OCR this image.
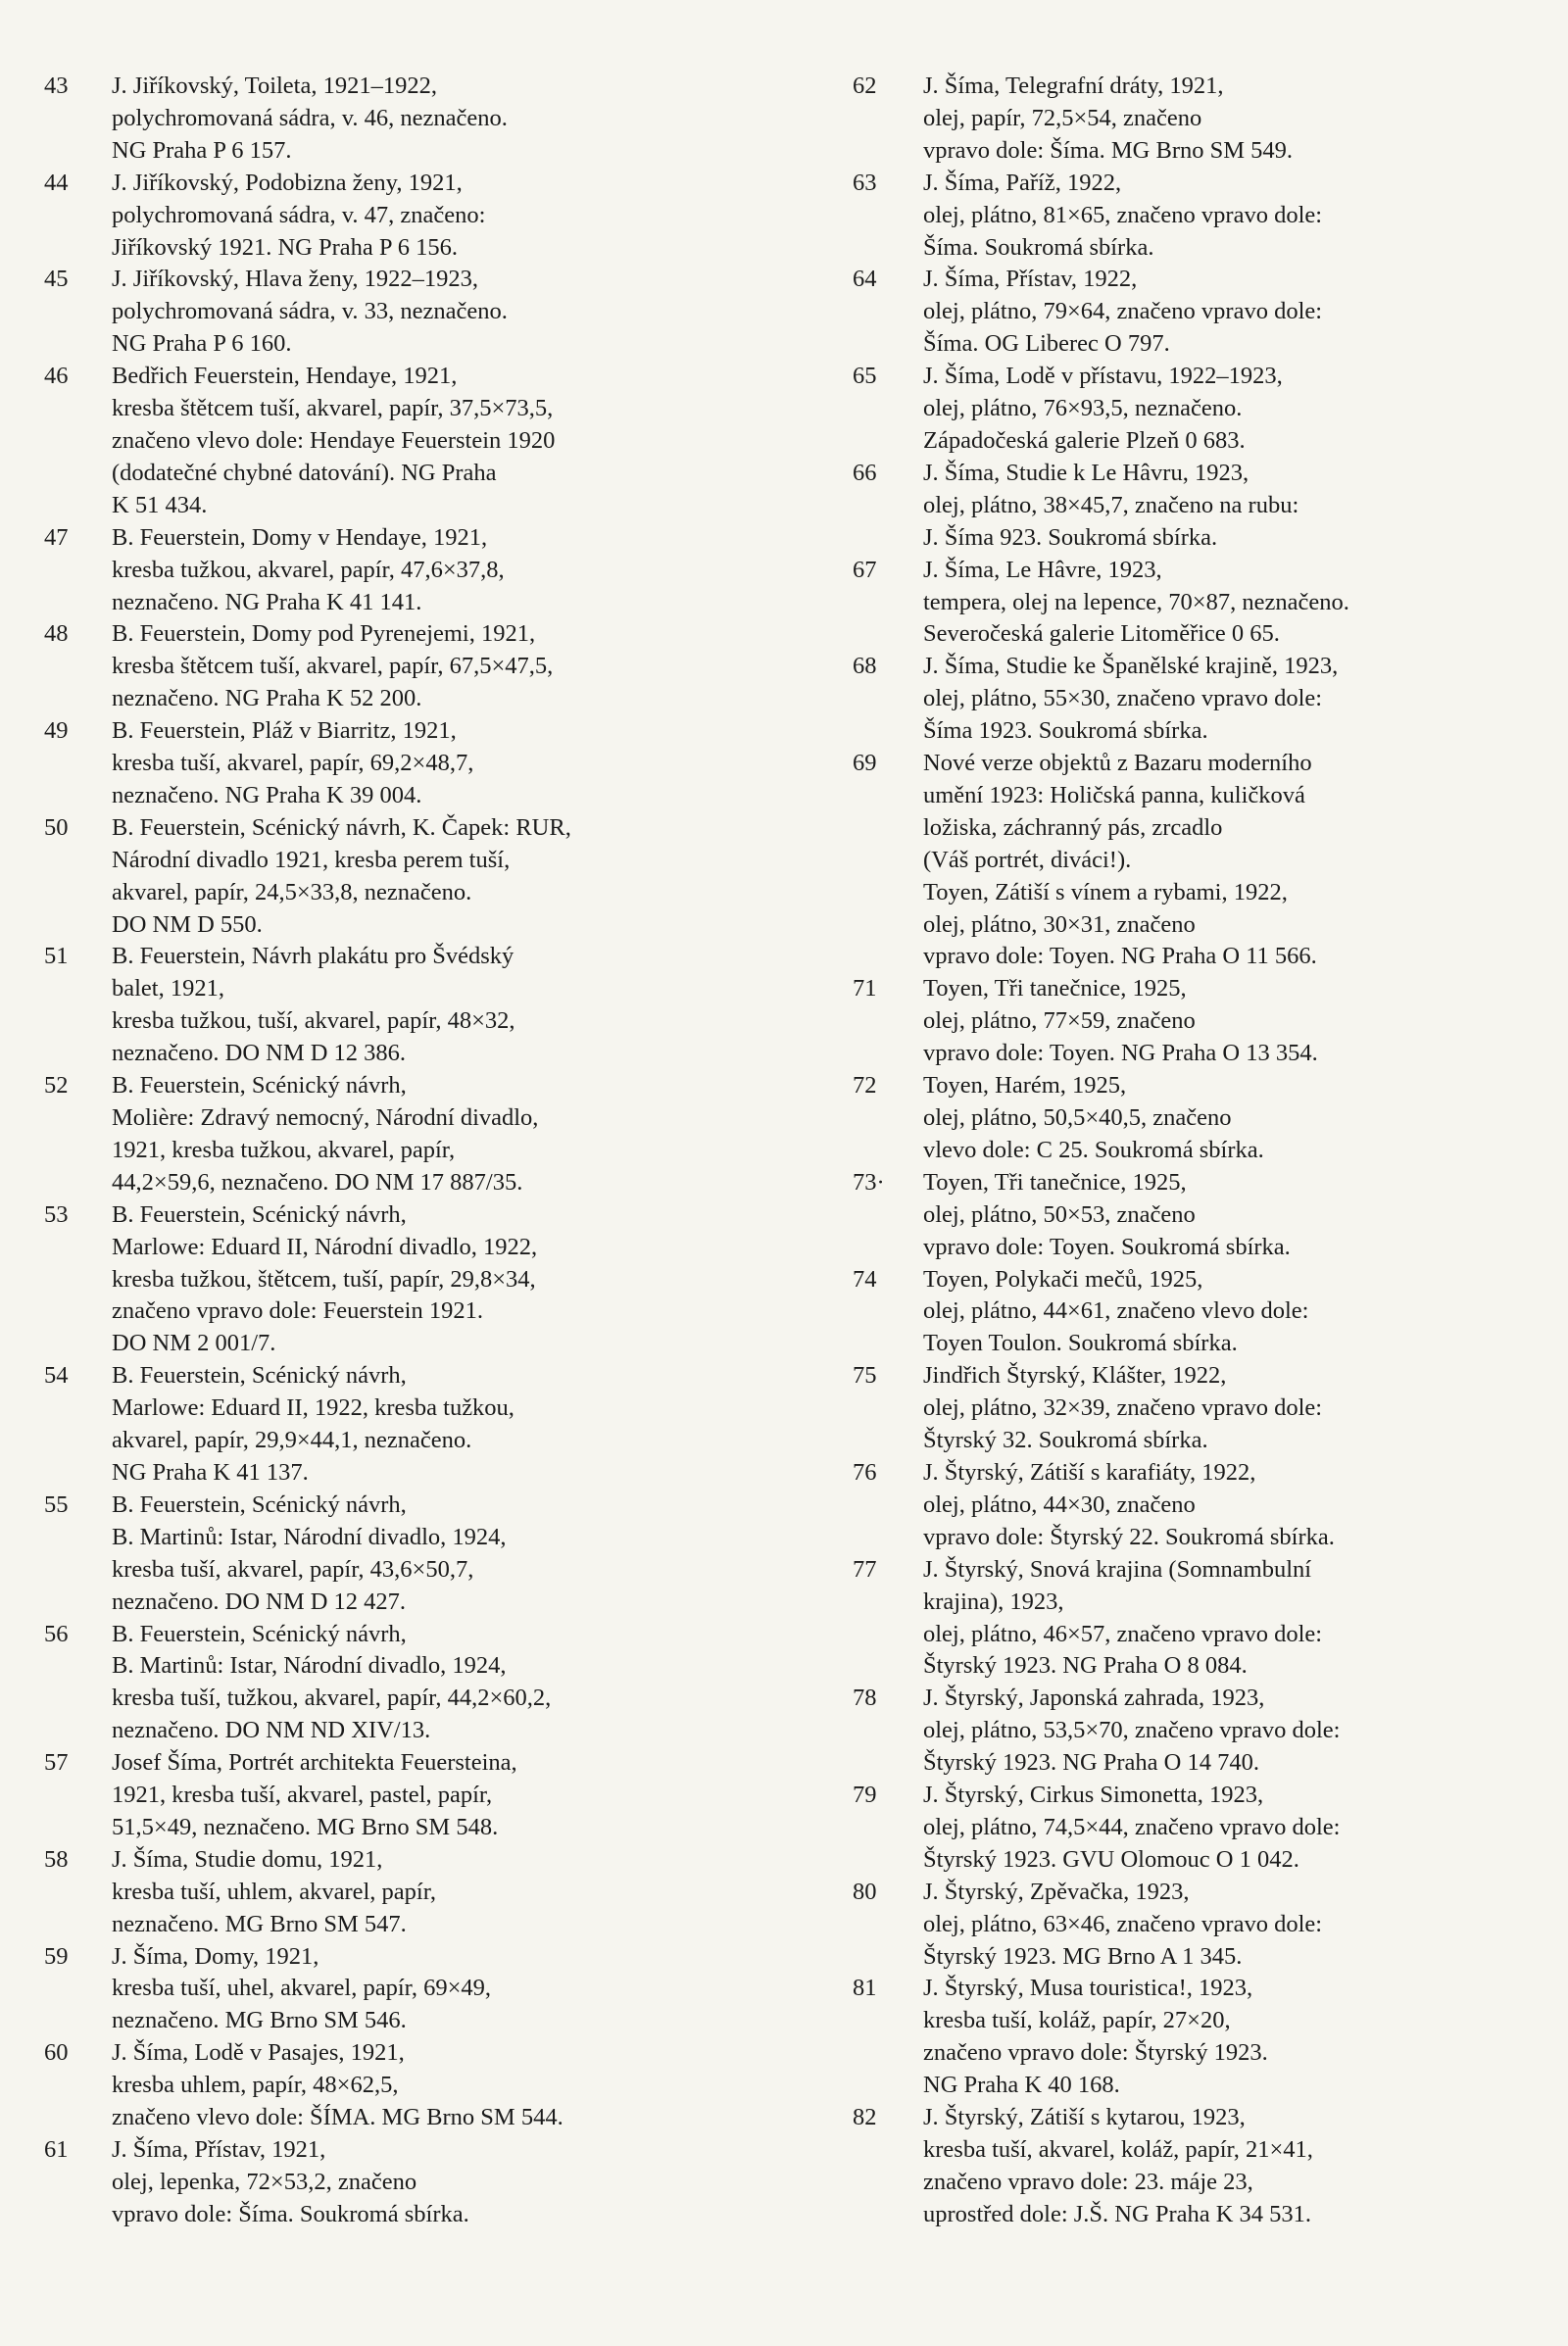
43	J. Jiříkovský, Toileta, 1921–1922,
polychromovaná sádra, v. 46, neznačeno.
NG Praha P 6 157.
44	J. Jiříkovský, Podobizna ženy, 1921,
polychromovaná sádra, v. 47, značeno:
Jiříkovský 1921. NG Praha P 6 156.
45	J. Jiříkovský, Hlava ženy, 1922–1923,
polychromovaná sádra, v. 33, neznačeno.
NG Praha P 6 160.
46	Bedřich Feuerstein, Hendaye, 1921,
kresba štětcem tuší, akvarel, papír, 37,5×73,5,
značeno vlevo dole: Hendaye Feuerstein 1920
(dodatečné chybné datování). NG Praha
K 51 434.
47	B. Feuerstein, Domy v Hendaye, 1921,
kresba tužkou, akvarel, papír, 47,6×37,8,
neznačeno. NG Praha K 41 141.
48	B. Feuerstein, Domy pod Pyrenejemi, 1921,
kresba štětcem tuší, akvarel, papír, 67,5×47,5,
neznačeno. NG Praha K 52 200.
49	B. Feuerstein, Pláž v Biarritz, 1921,
kresba tuší, akvarel, papír, 69,2×48,7,
neznačeno. NG Praha K 39 004.
50	B. Feuerstein, Scénický návrh, K. Čapek: RUR,
Národní divadlo 1921, kresba perem tuší,
akvarel, papír, 24,5×33,8, neznačeno.
DO NM D 550.
51	B. Feuerstein, Návrh plakátu pro Švédský
balet, 1921,
kresba tužkou, tuší, akvarel, papír, 48×32,
neznačeno. DO NM D 12 386.
52	B. Feuerstein, Scénický návrh,
Molière: Zdravý nemocný, Národní divadlo,
1921, kresba tužkou, akvarel, papír,
44,2×59,6, neznačeno. DO NM 17 887/35.
53	B. Feuerstein, Scénický návrh,
Marlowe: Eduard II, Národní divadlo, 1922,
kresba tužkou, štětcem, tuší, papír, 29,8×34,
značeno vpravo dole: Feuerstein 1921.
DO NM 2 001/7.
54	B. Feuerstein, Scénický návrh,
Marlowe: Eduard II, 1922, kresba tužkou,
akvarel, papír, 29,9×44,1, neznačeno.
NG Praha K 41 137.
55	B. Feuerstein, Scénický návrh,
B. Martinů: Istar, Národní divadlo, 1924,
kresba tuší, akvarel, papír, 43,6×50,7,
neznačeno. DO NM D 12 427.
56	B. Feuerstein, Scénický návrh,
B. Martinů: Istar, Národní divadlo, 1924,
kresba tuší, tužkou, akvarel, papír, 44,2×60,2,
neznačeno. DO NM ND XIV/13.
57	Josef Šíma, Portrét architekta Feuersteina,
1921, kresba tuší, akvarel, pastel, papír,
51,5×49, neznačeno. MG Brno SM 548.
58	J. Šíma, Studie domu, 1921,
kresba tuší, uhlem, akvarel, papír,
neznačeno. MG Brno SM 547.
59	J. Šíma, Domy, 1921,
kresba tuší, uhel, akvarel, papír, 69×49,
neznačeno. MG Brno SM 546.
60	J. Šíma, Lodě v Pasajes, 1921,
kresba uhlem, papír, 48×62,5,
značeno vlevo dole: ŠÍMA. MG Brno SM 544.
61	J. Šíma, Přístav, 1921,
olej, lepenka, 72×53,2, značeno
vpravo dole: Šíma. Soukromá sbírka.
62	J. Šíma, Telegrafní dráty, 1921,
olej, papír, 72,5×54, značeno
vpravo dole: Šíma. MG Brno SM 549.
63	J. Šíma, Paříž, 1922,
olej, plátno, 81×65, značeno vpravo dole:
Šíma. Soukromá sbírka.
64	J. Šíma, Přístav, 1922,
olej, plátno, 79×64, značeno vpravo dole:
Šíma. OG Liberec O 797.
65	J. Šíma, Lodě v přístavu, 1922–1923,
olej, plátno, 76×93,5, neznačeno.
Západočeská galerie Plzeň 0 683.
66	J. Šíma, Studie k Le Hâvru, 1923,
olej, plátno, 38×45,7, značeno na rubu:
J. Šíma 923. Soukromá sbírka.
67	J. Šíma, Le Hâvre, 1923,
tempera, olej na lepence, 70×87, neznačeno.
Severočeská galerie Litoměřice 0 65.
68	J. Šíma, Studie ke Španělské krajině, 1923,
olej, plátno, 55×30, značeno vpravo dole:
Šíma 1923. Soukromá sbírka.
69	Nové verze objektů z Bazaru moderního
umění 1923: Holičská panna, kuličková
ložiska, záchranný pás, zrcadlo
(Váš portrét, diváci!).
Toyen, Zátiší s vínem a rybami, 1922,
olej, plátno, 30×31, značeno
vpravo dole: Toyen. NG Praha O 11 566.
71	Toyen, Tři tanečnice, 1925,
olej, plátno, 77×59, značeno
vpravo dole: Toyen. NG Praha O 13 354.
72	Toyen, Harém, 1925,
olej, plátno, 50,5×40,5, značeno
vlevo dole: C 25. Soukromá sbírka.
73·	Toyen, Tři tanečnice, 1925,
olej, plátno, 50×53, značeno
vpravo dole: Toyen. Soukromá sbírka.
74	Toyen, Polykači mečů, 1925,
olej, plátno, 44×61, značeno vlevo dole:
Toyen Toulon. Soukromá sbírka.
75	Jindřich Štyrský, Klášter, 1922,
olej, plátno, 32×39, značeno vpravo dole:
Štyrský 32. Soukromá sbírka.
76	J. Štyrský, Zátiší s karafiáty, 1922,
olej, plátno, 44×30, značeno
vpravo dole: Štyrský 22. Soukromá sbírka.
77	J. Štyrský, Snová krajina (Somnambulní
krajina), 1923,
olej, plátno, 46×57, značeno vpravo dole:
Štyrský 1923. NG Praha O 8 084.
78	J. Štyrský, Japonská zahrada, 1923,
olej, plátno, 53,5×70, značeno vpravo dole:
Štyrský 1923. NG Praha O 14 740.
79	J. Štyrský, Cirkus Simonetta, 1923,
olej, plátno, 74,5×44, značeno vpravo dole:
Štyrský 1923. GVU Olomouc O 1 042.
80	J. Štyrský, Zpěvačka, 1923,
olej, plátno, 63×46, značeno vpravo dole:
Štyrský 1923. MG Brno A 1 345.
81	J. Štyrský, Musa touristica!, 1923,
kresba tuší, koláž, papír, 27×20,
značeno vpravo dole: Štyrský 1923.
NG Praha K 40 168.
82	J. Štyrský, Zátiší s kytarou, 1923,
kresba tuší, akvarel, koláž, papír, 21×41,
značeno vpravo dole: 23. máje 23,
uprostřed dole: J.Š. NG Praha K 34 531.
